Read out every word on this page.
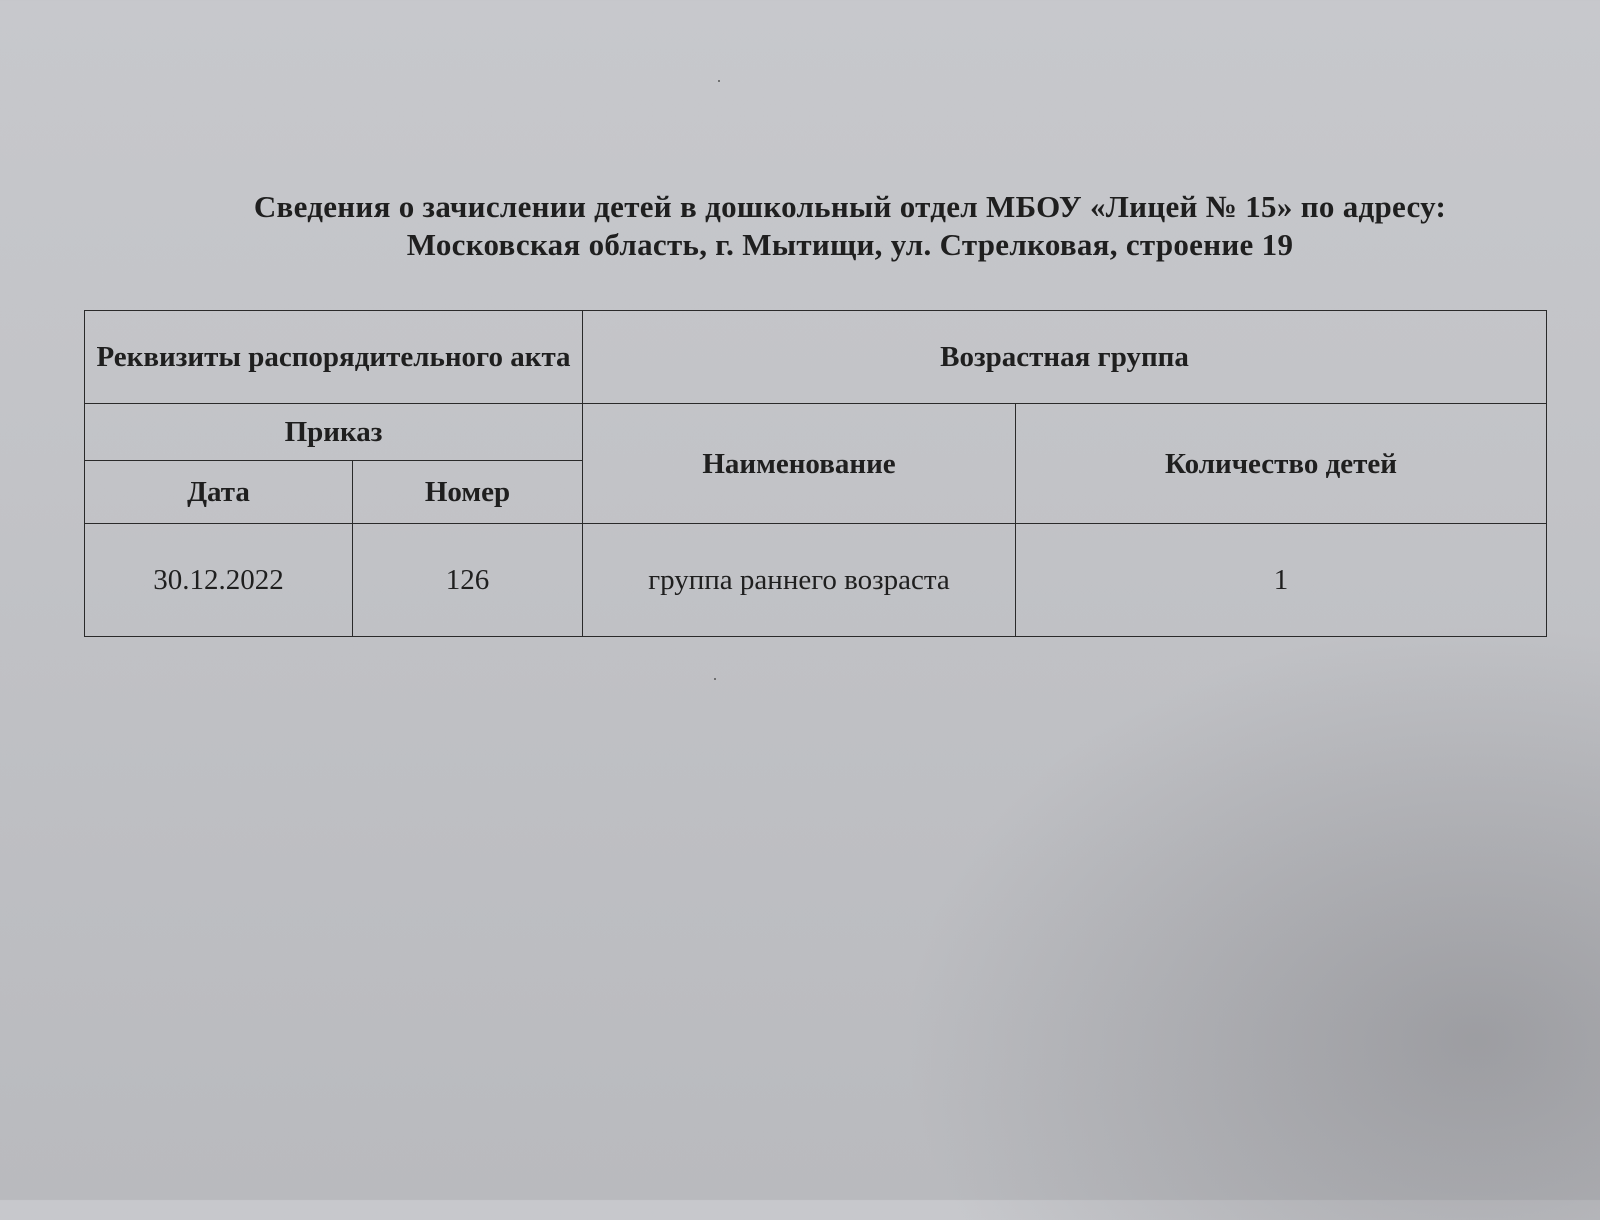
Сведения о зачислении детей в дошкольный отдел МБОУ «Лицей № 15» по адресу:
Московская область, г. Мытищи, ул. Стрелковая, строение 19
Реквизиты распорядительного акта		Возрастная группа	
Приказ		Наименование	Количество детей
Дата	Номер		
30.12.2022	126	группа раннего возраста	1
